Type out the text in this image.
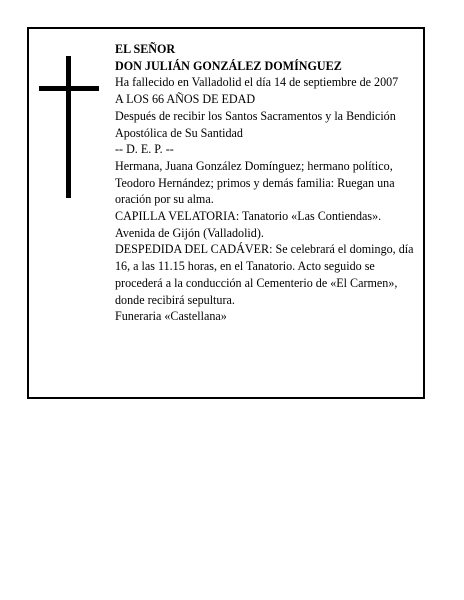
EL SEÑOR

DON JULIÁN GONZÁLEZ DOMÍNGUEZ

Ha fallecido en Valladolid el día 14 de septiembre de 2007

A LOS 66 AÑOS DE EDAD

Después de recibir los Santos Sacramentos y la Bendición Apostólica de Su Santidad

-- D. E. P. --

Hermana, Juana González Domínguez; hermano político, Teodoro Hernández; primos y demás familia: Ruegan una oración por su alma.

CAPILLA VELATORIA: Tanatorio «Las Contiendas». Avenida de Gijón (Valladolid).

DESPEDIDA DEL CADÁVER: Se celebrará el domingo, día 16, a las 11.15 horas, en el Tanatorio. Acto seguido se procederá a la conducción al Cementerio de «El Carmen», donde recibirá sepultura.

Funeraria «Castellana»
